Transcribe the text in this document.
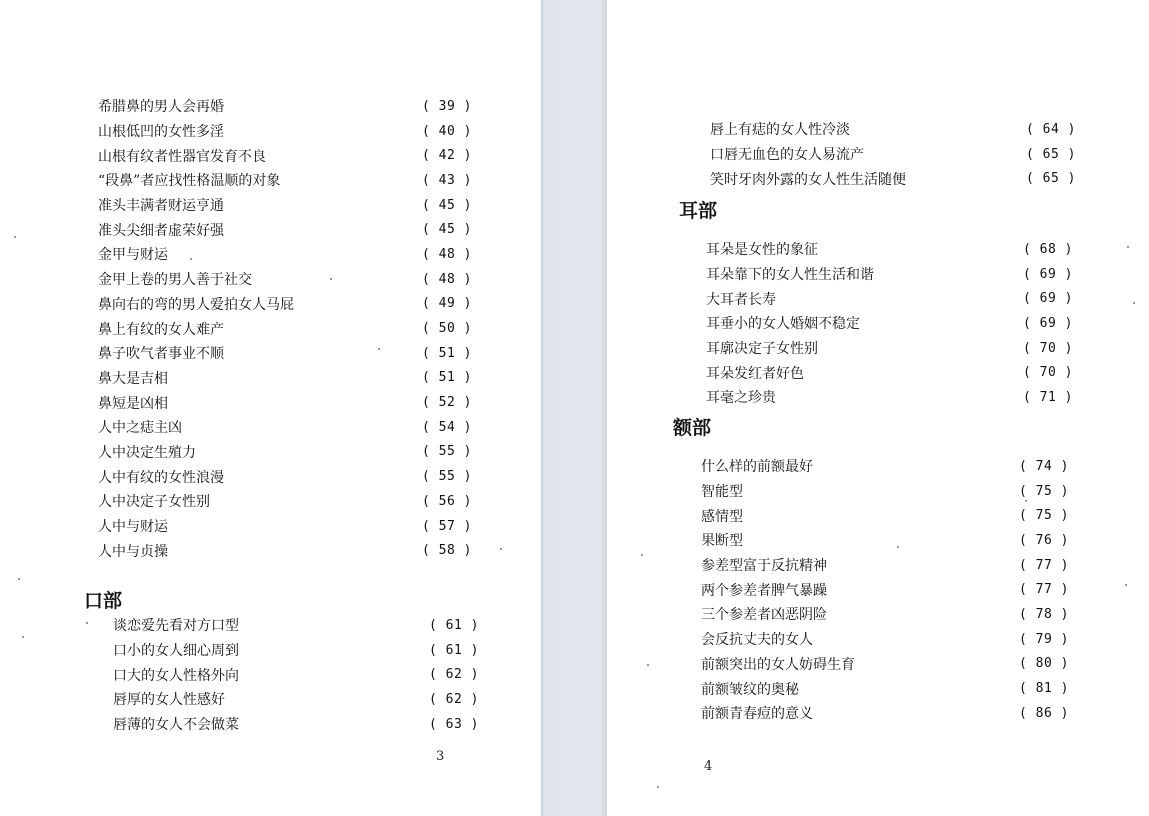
希腊鼻的男人会再婚	( 39 )
山根低凹的女性多淫	( 40 )
山根有纹者性器官发育不良	( 42 )
“段鼻”者应找性格温顺的对象	( 43 )
准头丰满者财运亨通	( 45 )
准头尖细者虚荣好强	( 45 )
金甲与财运	( 48 )
金甲上卷的男人善于社交	( 48 )
鼻向右的弯的男人爱拍女人马屁	( 49 )
鼻上有纹的女人难产	( 50 )
鼻子吹气者事业不顺	( 51 )
鼻大是吉相	( 51 )
鼻短是凶相	( 52 )
人中之痣主凶	( 54 )
人中决定生殖力	( 55 )
人中有纹的女性浪漫	( 55 )
人中决定子女性别	( 56 )
人中与财运	( 57 )
人中与贞操	( 58 )
口部
谈恋爱先看对方口型	( 61 )
口小的女人细心周到	( 61 )
口大的女人性格外向	( 62 )
唇厚的女人性感好	( 62 )
唇薄的女人不会做菜	( 63 )
3
唇上有痣的女人性冷淡	( 64 )
口唇无血色的女人易流产	( 65 )
笑时牙肉外露的女人性生活随便	( 65 )
耳部
耳朵是女性的象征	( 68 )
耳朵靠下的女人性生活和谐	( 69 )
大耳者长寿	( 69 )
耳垂小的女人婚姻不稳定	( 69 )
耳廓决定子女性别	( 70 )
耳朵发红者好色	( 70 )
耳毫之珍贵	( 71 )
额部
什么样的前额最好	( 74 )
智能型	( 75 )
感情型	( 75 )
果断型	( 76 )
参差型富于反抗精神	( 77 )
两个参差者脾气暴躁	( 77 )
三个参差者凶恶阴险	( 78 )
会反抗丈夫的女人	( 79 )
前额突出的女人妨碍生育	( 80 )
前额皱纹的奥秘	( 81 )
前额青春痘的意义	( 86 )
4
